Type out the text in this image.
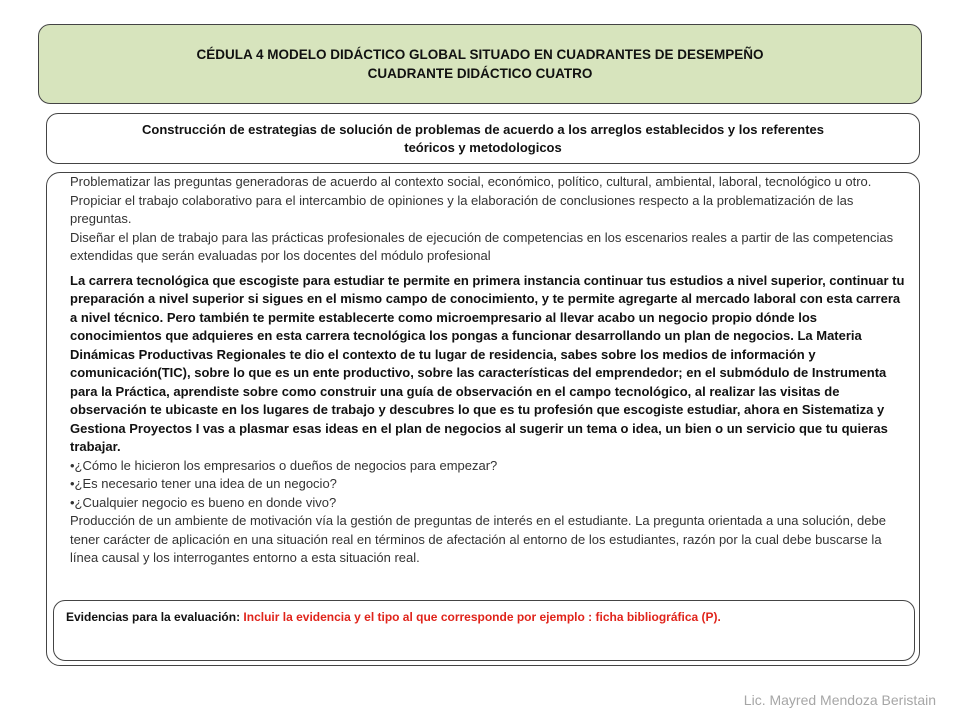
CÉDULA 4 MODELO DIDÁCTICO GLOBAL SITUADO EN CUADRANTES DE DESEMPEÑO
CUADRANTE DIDÁCTICO CUATRO
Construcción de estrategias de solución de problemas de acuerdo a los arreglos establecidos y los referentes
teóricos y metodologicos

Problematizar las preguntas generadoras de acuerdo al contexto social, económico, político, cultural, ambiental, laboral, tecnológico u otro.
Propiciar el trabajo colaborativo para el intercambio de opiniones y la elaboración de conclusiones respecto a la problematización de las preguntas.
Diseñar el plan de trabajo para las prácticas profesionales de ejecución de competencias en los escenarios reales a partir de las competencias extendidas que serán evaluadas por los docentes del módulo profesional

La carrera tecnológica que escogiste para estudiar te permite en primera instancia continuar tus estudios a nivel superior, continuar tu preparación a nivel superior si sigues en el mismo campo de conocimiento, y te permite agregarte al mercado laboral con esta carrera a nivel técnico. Pero también te permite establecerte como microempresario al llevar acabo un negocio propio dónde los conocimientos que adquieres en esta carrera tecnológica los pongas a funcionar desarrollando un plan de negocios. La Materia Dinámicas Productivas Regionales te dio el contexto de tu lugar de residencia, sabes sobre los medios de información y comunicación(TIC), sobre lo que es un ente productivo, sobre las características del emprendedor; en el submódulo de Instrumenta para la Práctica, aprendiste sobre como construir una guía de observación en el campo tecnológico, al realizar las visitas de observación te ubicaste en los lugares de trabajo y descubres lo que es tu profesión que escogiste estudiar, ahora en Sistematiza y Gestiona Proyectos I vas a plasmar esas ideas en el plan de negocios al sugerir un tema o idea, un bien o un servicio que tu quieras trabajar.

•¿Cómo le hicieron los empresarios o dueños de negocios para empezar?

•¿Es necesario tener una idea de un negocio?

•¿Cualquier negocio es bueno en donde vivo?

Producción de un ambiente de motivación vía la gestión de preguntas de interés en el estudiante. La pregunta orientada a una solución, debe tener carácter de aplicación en una situación real en términos de afectación al entorno de los estudiantes, razón por la cual debe buscarse la línea causal y los interrogantes entorno a esta situación real.

Evidencias para la evaluación: Incluir la evidencia y el tipo al que corresponde por ejemplo : ficha bibliográfica (P).
Lic. Mayred Mendoza Beristain
